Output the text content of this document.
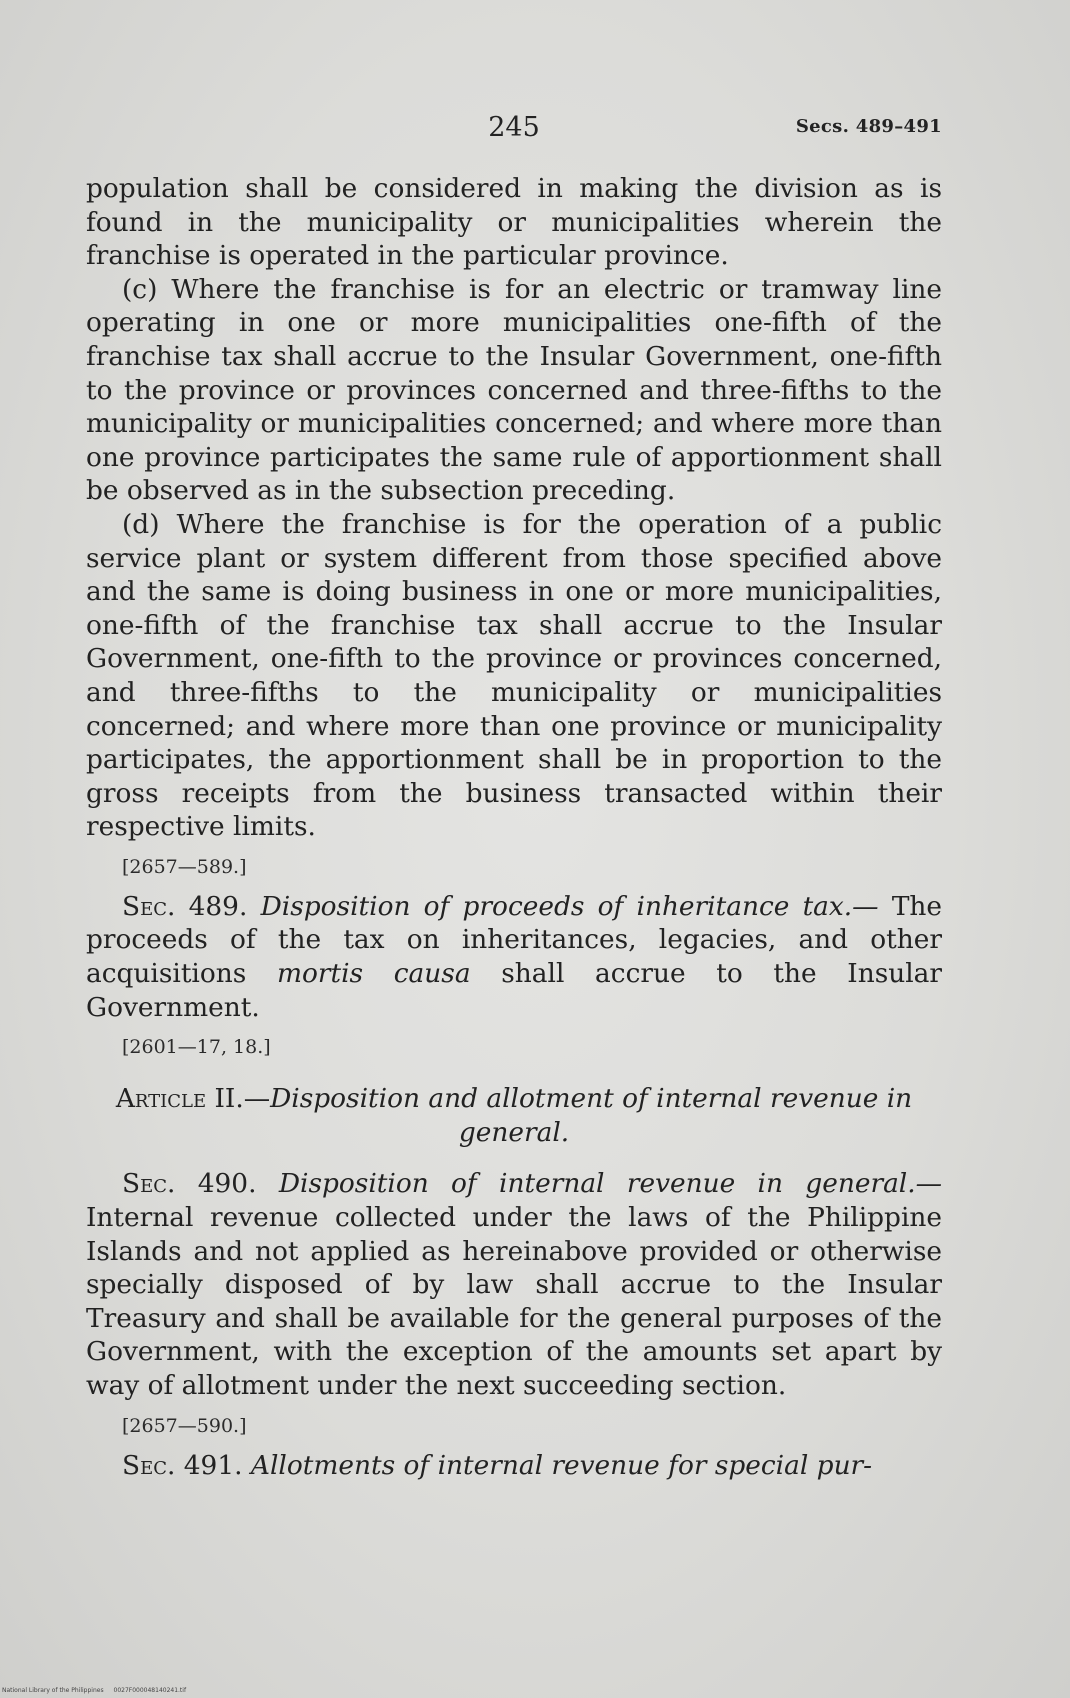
245	Secs. 489–491

population shall be considered in making the division as is found in the municipality or municipalities wherein the franchise is operated in the particular province.

(c) Where the franchise is for an electric or tramway line operating in one or more municipalities one-fifth of the franchise tax shall accrue to the Insular Government, one-fifth to the province or provinces concerned and three-fifths to the municipality or municipalities concerned; and where more than one province participates the same rule of apportionment shall be observed as in the subsection preceding.

(d) Where the franchise is for the operation of a public service plant or system different from those specified above and the same is doing business in one or more municipalities, one-fifth of the franchise tax shall accrue to the Insular Government, one-fifth to the province or provinces concerned, and three-fifths to the municipality or municipalities concerned; and where more than one province or municipality participates, the apportionment shall be in proportion to the gross receipts from the business transacted within their respective limits.

[2657—589.]

Sec. 489. Disposition of proceeds of inheritance tax.— The proceeds of the tax on inheritances, legacies, and other acquisitions mortis causa shall accrue to the Insular Government.

[2601—17, 18.]
Article II.—Disposition and allotment of internal revenue in general.

Sec. 490. Disposition of internal revenue in general.—Internal revenue collected under the laws of the Philippine Islands and not applied as hereinabove provided or otherwise specially disposed of by law shall accrue to the Insular Treasury and shall be available for the general purposes of the Government, with the exception of the amounts set apart by way of allotment under the next succeeding section.

[2657—590.]

Sec. 491. Allotments of internal revenue for special pur-

National Library of the Philippines 0027F000048140241.tif
